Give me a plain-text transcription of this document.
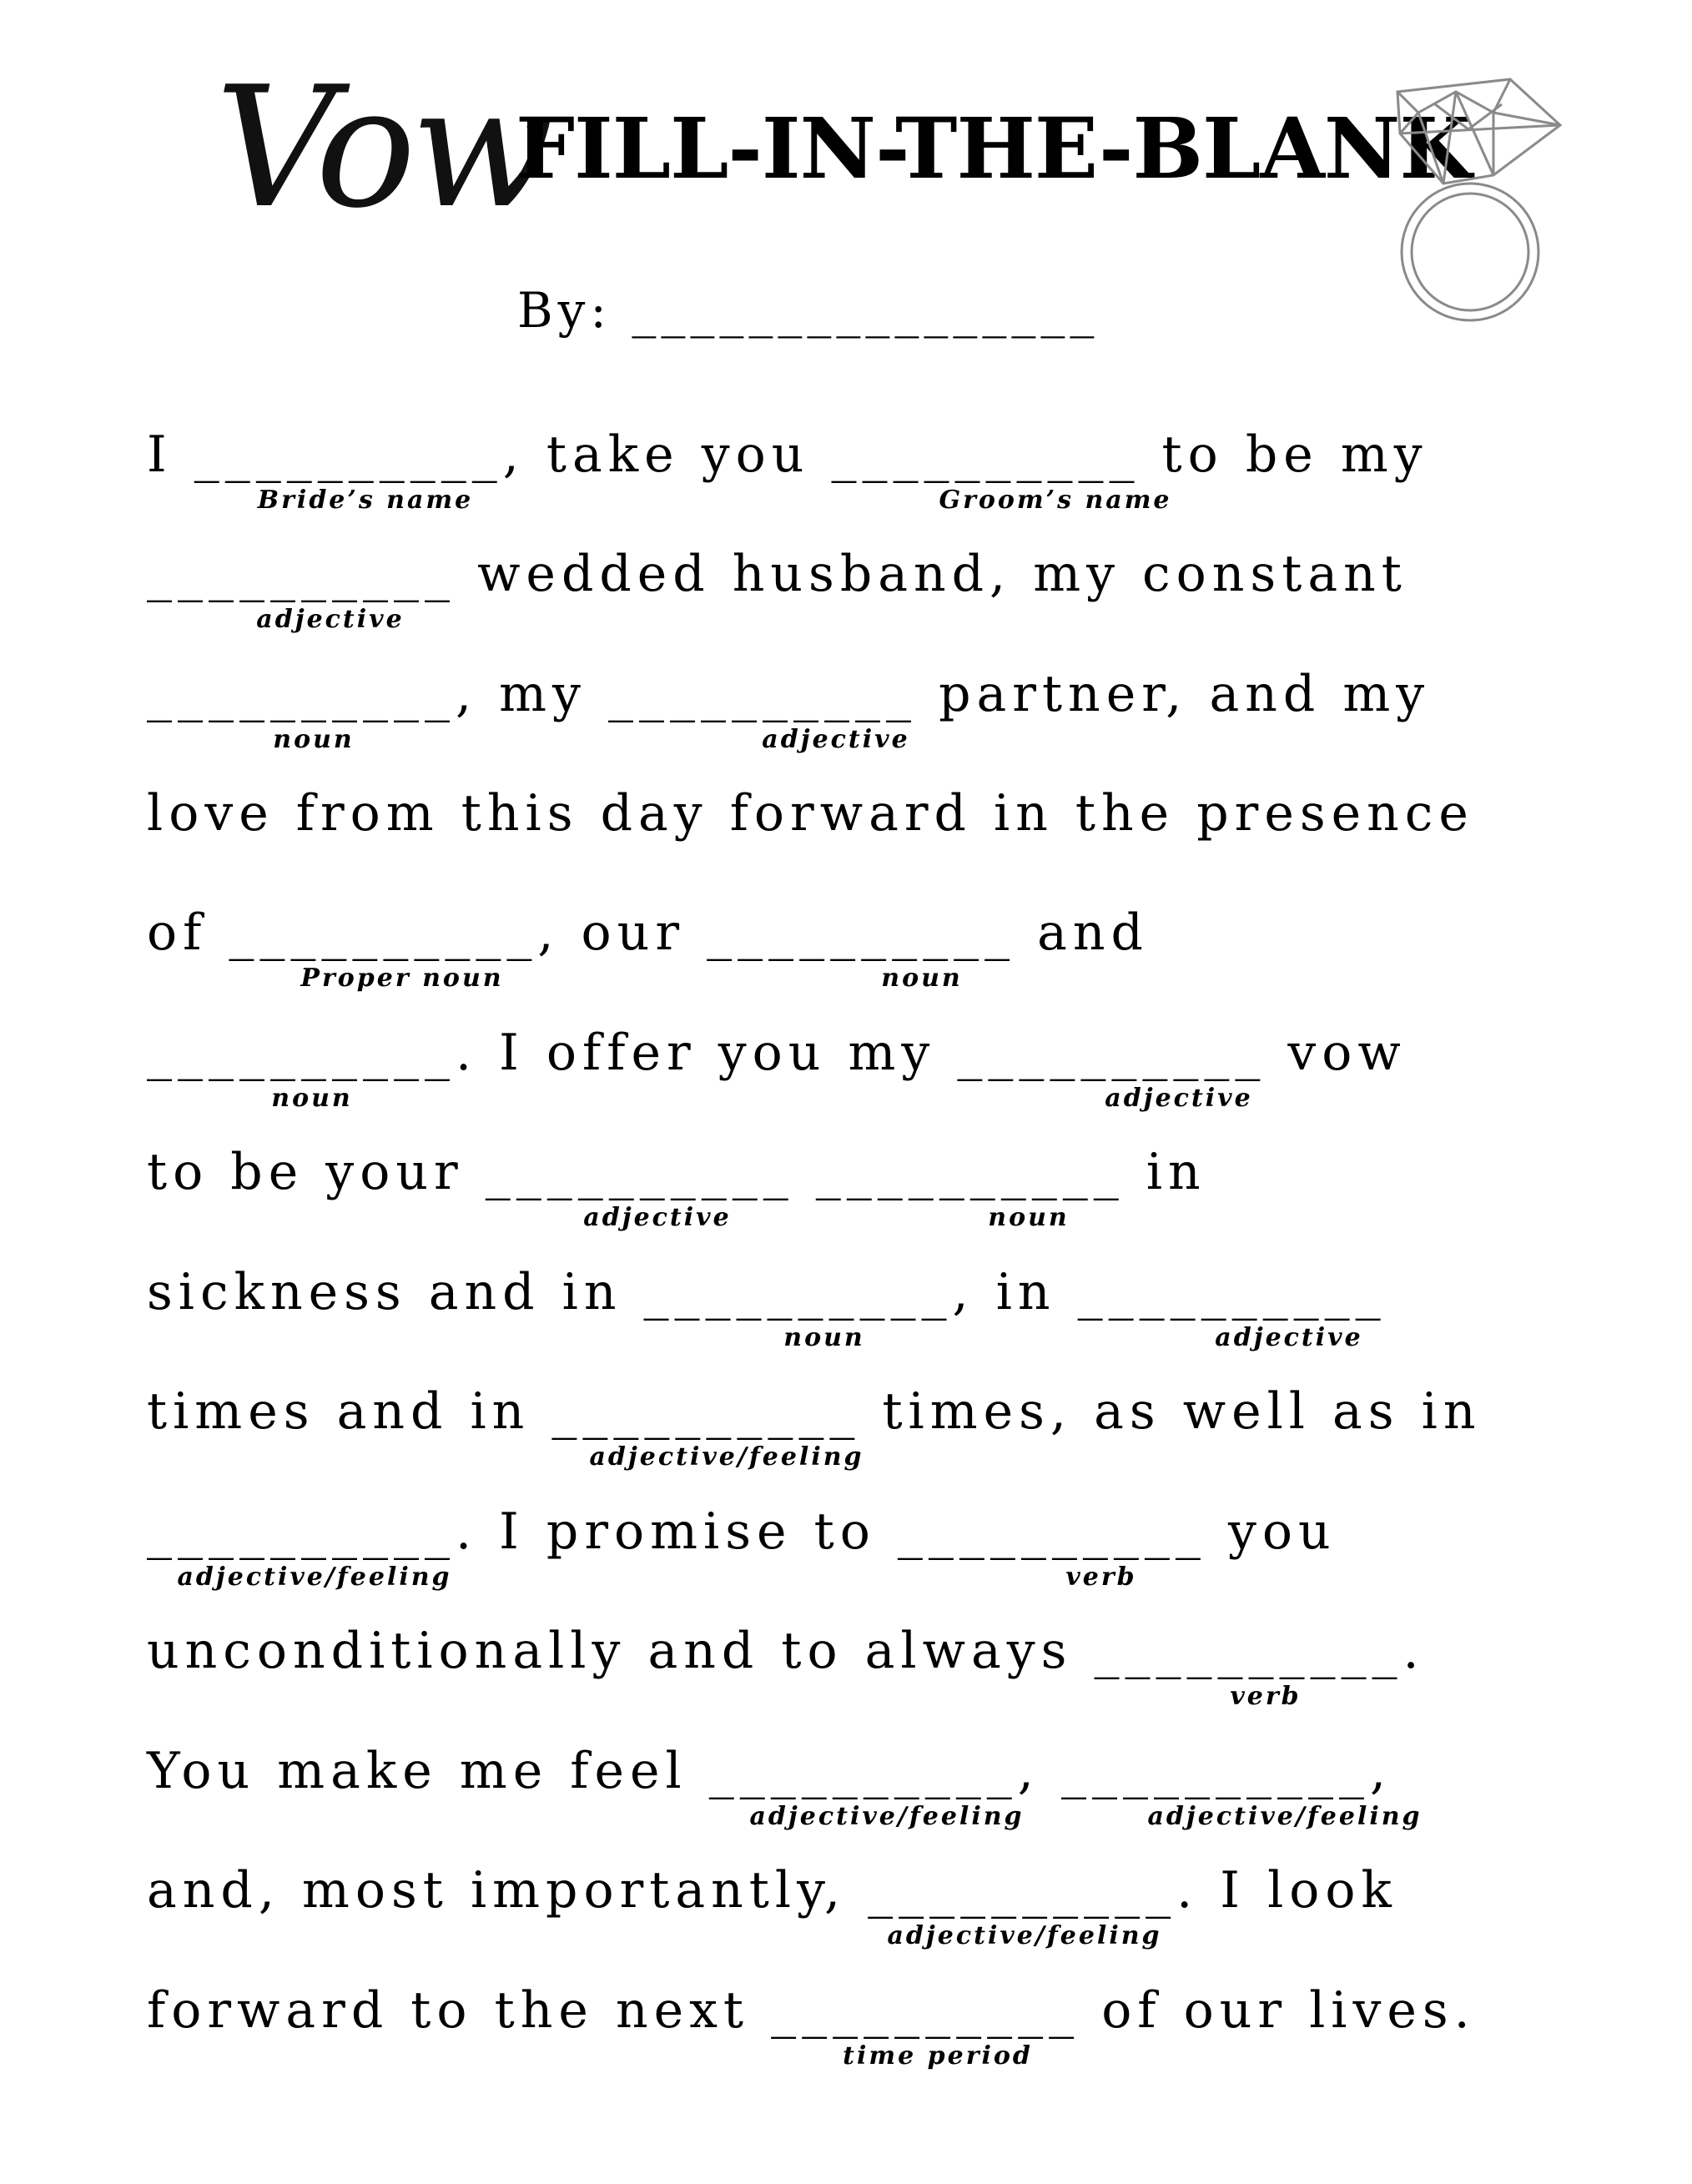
Vow
FILL-IN-THE-BLANK
By: ________________
I __________, take you __________ to be my
__________ wedded husband, my constant
__________, my __________ partner, and my
love from this day forward in the presence
of __________, our __________ and
__________. I offer you my __________ vow
to be your __________ __________ in
sickness and in __________, in __________
times and in __________ times, as well as in
__________. I promise to __________ you
unconditionally and to always __________.
You make me feel __________, __________,
and, most importantly, __________. I look
forward to the next __________ of our lives.
Bride’s name	Groom’s name
adjective
noun	adjective
Proper noun	noun
noun	adjective
adjective	noun
noun	adjective
adjective/feeling
adjective/feeling	verb
verb
adjective/feeling	adjective/feeling
adjective/feeling
time period
